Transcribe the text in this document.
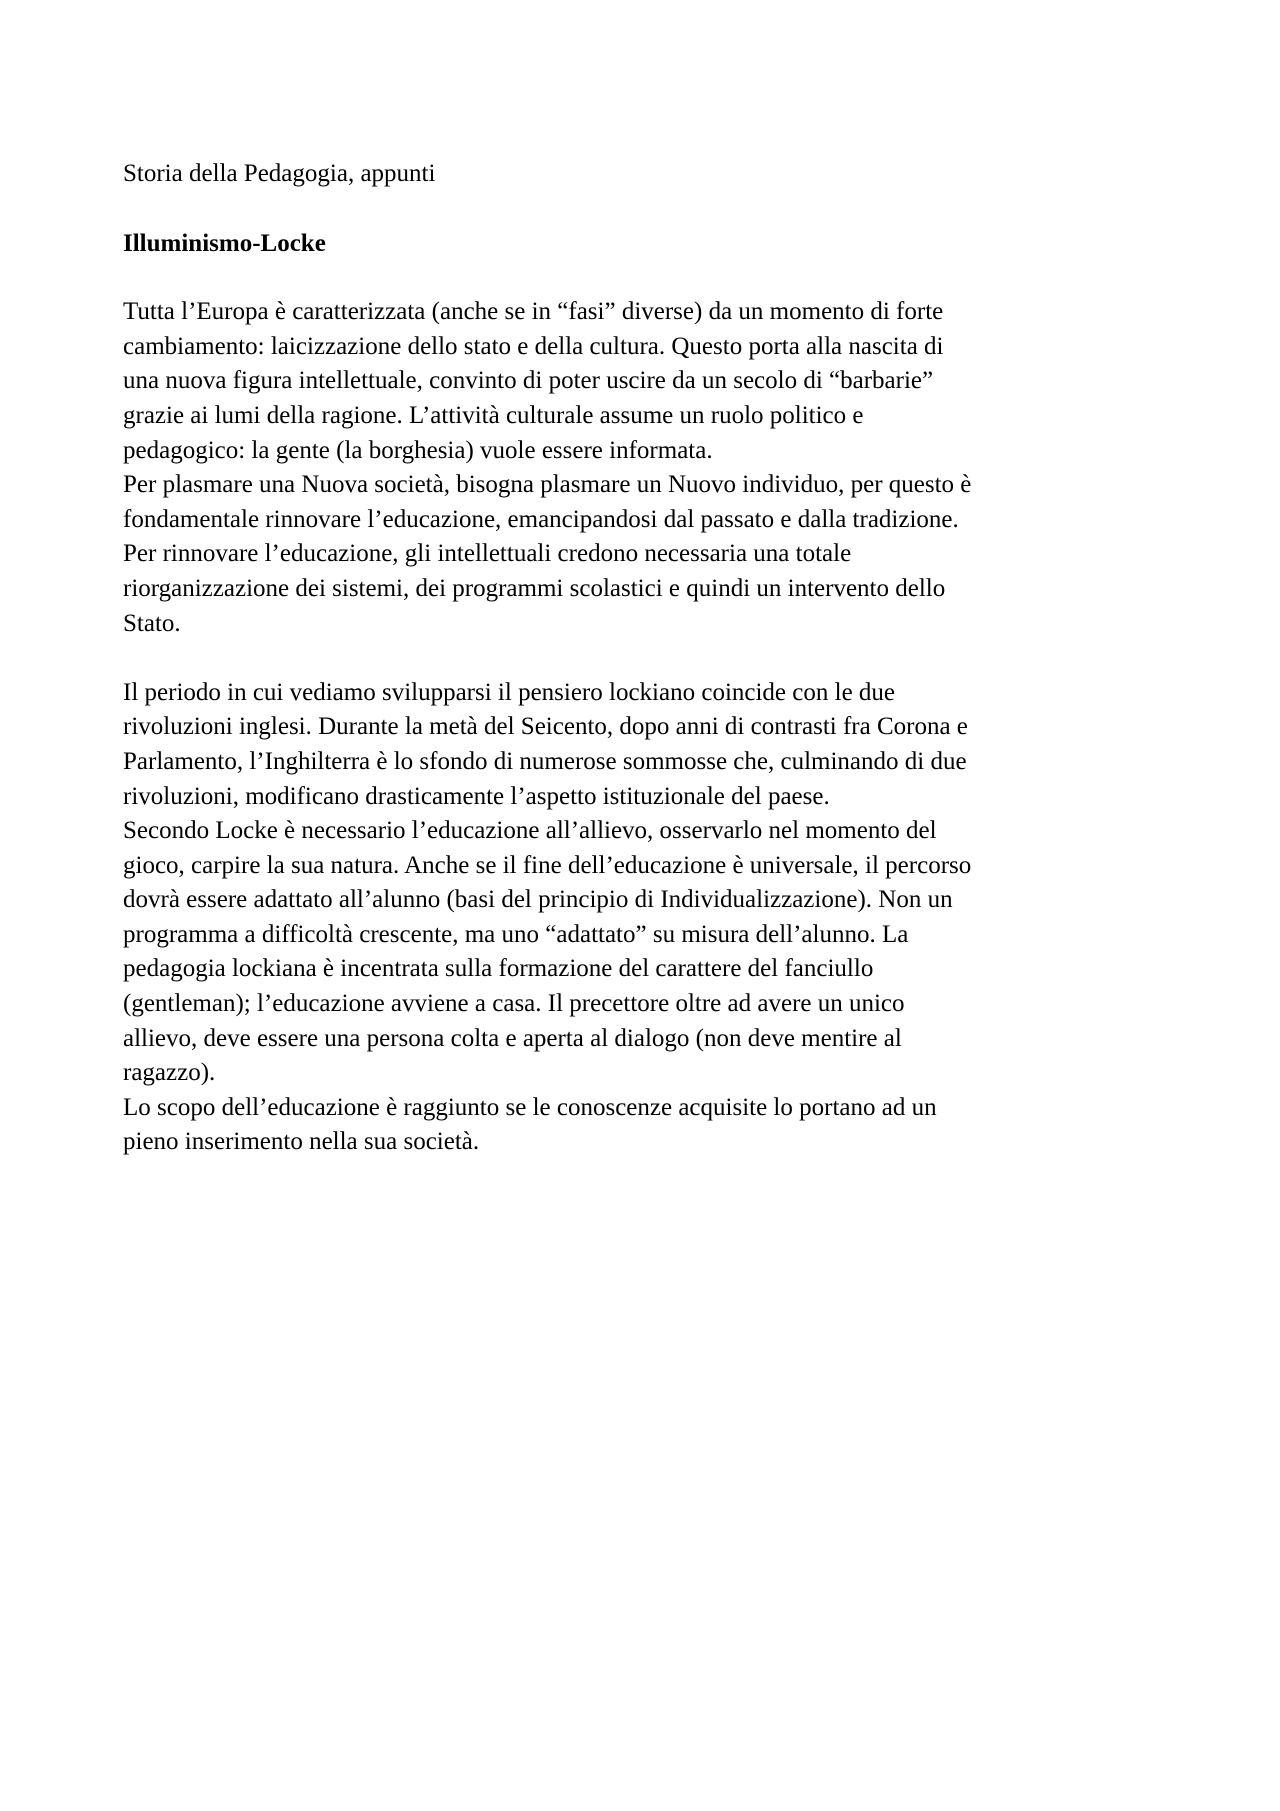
Storia della Pedagogia, appunti

Illuminismo-Locke

Tutta l’Europa è caratterizzata (anche se in “fasi” diverse) da un momento di forte
cambiamento: laicizzazione dello stato e della cultura. Questo porta alla nascita di
una nuova figura intellettuale, convinto di poter uscire da un secolo di “barbarie”
grazie ai lumi della ragione. L’attività culturale assume un ruolo politico e
pedagogico: la gente (la borghesia) vuole essere informata.
Per plasmare una Nuova società, bisogna plasmare un Nuovo individuo, per questo è
fondamentale rinnovare l’educazione, emancipandosi dal passato e dalla tradizione.
Per rinnovare l’educazione, gli intellettuali credono necessaria una totale
riorganizzazione dei sistemi, dei programmi scolastici e quindi un intervento dello
Stato.
Il periodo in cui vediamo svilupparsi il pensiero lockiano coincide con le due
rivoluzioni inglesi. Durante la metà del Seicento, dopo anni di contrasti fra Corona e
Parlamento, l’Inghilterra è lo sfondo di numerose sommosse che, culminando di due
rivoluzioni, modificano drasticamente l’aspetto istituzionale del paese.
Secondo Locke è necessario l’educazione all’allievo, osservarlo nel momento del
gioco, carpire la sua natura. Anche se il fine dell’educazione è universale, il percorso
dovrà essere adattato all’alunno (basi del principio di Individualizzazione). Non un
programma a difficoltà crescente, ma uno “adattato” su misura dell’alunno. La
pedagogia lockiana è incentrata sulla formazione del carattere del fanciullo
(gentleman); l’educazione avviene a casa. Il precettore oltre ad avere un unico
allievo, deve essere una persona colta e aperta al dialogo (non deve mentire al
ragazzo).
Lo scopo dell’educazione è raggiunto se le conoscenze acquisite lo portano ad un
pieno inserimento nella sua società.
